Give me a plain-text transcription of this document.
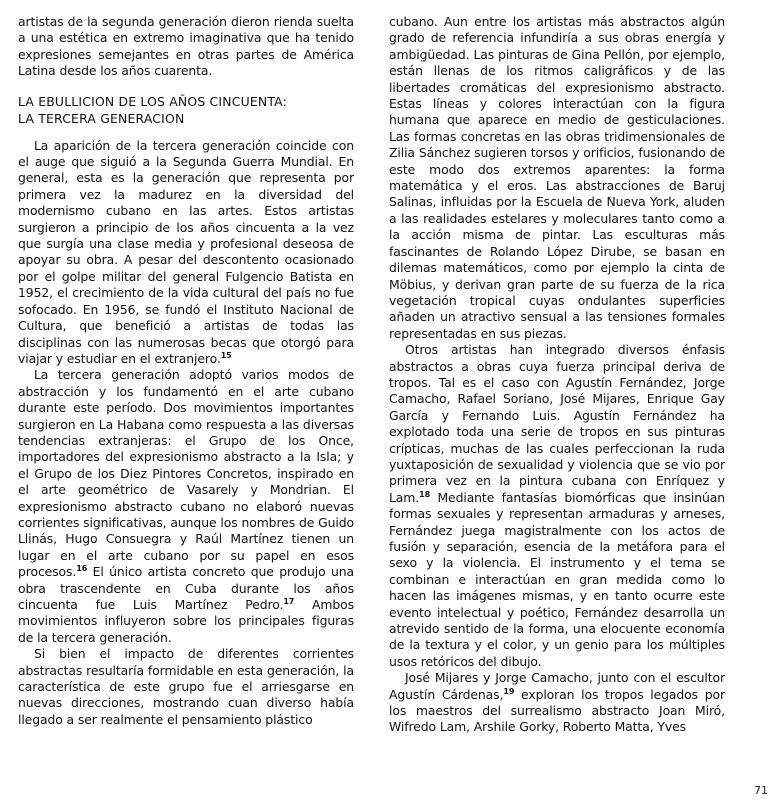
artistas de la segunda generación dieron rienda suelta a una estética en extremo imaginativa que ha tenido expresiones semejantes en otras partes de América Latina desde los años cuarenta.

LA EBULLICION DE LOS AÑOS CINCUENTA:
LA TERCERA GENERACION

La aparición de la tercera generación coincide con el auge que siguió a la Segunda Guerra Mundial. En general, esta es la generación que representa por primera vez la madurez en la diversidad del modernismo cubano en las artes. Estos artistas surgieron a principio de los años cincuenta a la vez que surgía una clase media y profesional deseosa de apoyar su obra. A pesar del descontento ocasionado por el golpe militar del general Fulgencio Batista en 1952, el crecimiento de la vida cultural del país no fue sofocado. En 1956, se fundó el Instituto Nacional de Cultura, que benefició a artistas de todas las disciplinas con las numerosas becas que otorgó para viajar y estudiar en el extranjero.$^{15}$

La tercera generación adoptó varios modos de abstracción y los fundamentó en el arte cubano durante este período. Dos movimientos importantes surgieron en La Habana como respuesta a las diversas tendencias extranjeras: el Grupo de los Once, importadores del expresionismo abstracto a la Isla; y el Grupo de los Diez Pintores Concretos, inspirado en el arte geométrico de Vasarely y Mondrian. El expresionismo abstracto cubano no elaboró nuevas corrientes significativas, aunque los nombres de Guido Llinás, Hugo Consuegra y Raúl Martínez tienen un lugar en el arte cubano por su papel en esos procesos.$^{16}$ El único artista concreto que produjo una obra trascendente en Cuba durante los años cincuenta fue Luis Martínez Pedro.$^{17}$ Ambos movimientos influyeron sobre los principales figuras de la tercera generación.

Si bien el impacto de diferentes corrientes abstractas resultaría formidable en esta generación, la característica de este grupo fue el arriesgarse en nuevas direcciones, mostrando cuan diverso había llegado a ser realmente el pensamiento plástico

cubano. Aun entre los artistas más abstractos algún grado de referencia infundiría a sus obras energía y ambigüedad. Las pinturas de Gina Pellón, por ejemplo, están llenas de los ritmos caligráficos y de las libertades cromáticas del expresionismo abstracto. Estas líneas y colores interactúan con la figura humana que aparece en medio de gesticulaciones. Las formas concretas en las obras tridimensionales de Zilia Sánchez sugieren torsos y orificios, fusionando de este modo dos extremos aparentes: la forma matemática y el eros. Las abstracciones de Baruj Salinas, influidas por la Escuela de Nueva York, aluden a las realidades estelares y moleculares tanto como a la acción misma de pintar. Las esculturas más fascinantes de Rolando López Dirube, se basan en dilemas matemáticos, como por ejemplo la cinta de Möbius, y derivan gran parte de su fuerza de la rica vegetación tropical cuyas ondulantes superficies añaden un atractivo sensual a las tensiones formales representadas en sus piezas.

Otros artistas han integrado diversos énfasis abstractos a obras cuya fuerza principal deriva de tropos. Tal es el caso con Agustín Fernández, Jorge Camacho, Rafael Soriano, José Mijares, Enrique Gay García y Fernando Luis. Agustín Fernández ha explotado toda una serie de tropos en sus pinturas crípticas, muchas de las cuales perfeccionan la ruda yuxtaposición de sexualidad y violencia que se vio por primera vez en la pintura cubana con Enríquez y Lam.$^{18}$ Mediante fantasías biomórficas que insinúan formas sexuales y representan armaduras y arneses, Fernández juega magistralmente con los actos de fusión y separación, esencia de la metáfora para el sexo y la violencia. El instrumento y el tema se combinan e interactúan en gran medida como lo hacen las imágenes mismas, y en tanto ocurre este evento intelectual y poético, Fernández desarrolla un atrevido sentido de la forma, una elocuente economía de la textura y el color, y un genio para los múltiples usos retóricos del dibujo.

José Mijares y Jorge Camacho, junto con el escultor Agustín Cárdenas,$^{19}$ exploran los tropos legados por los maestros del surrealismo abstracto Joan Miró, Wifredo Lam, Arshile Gorky, Roberto Matta, Yves

71
